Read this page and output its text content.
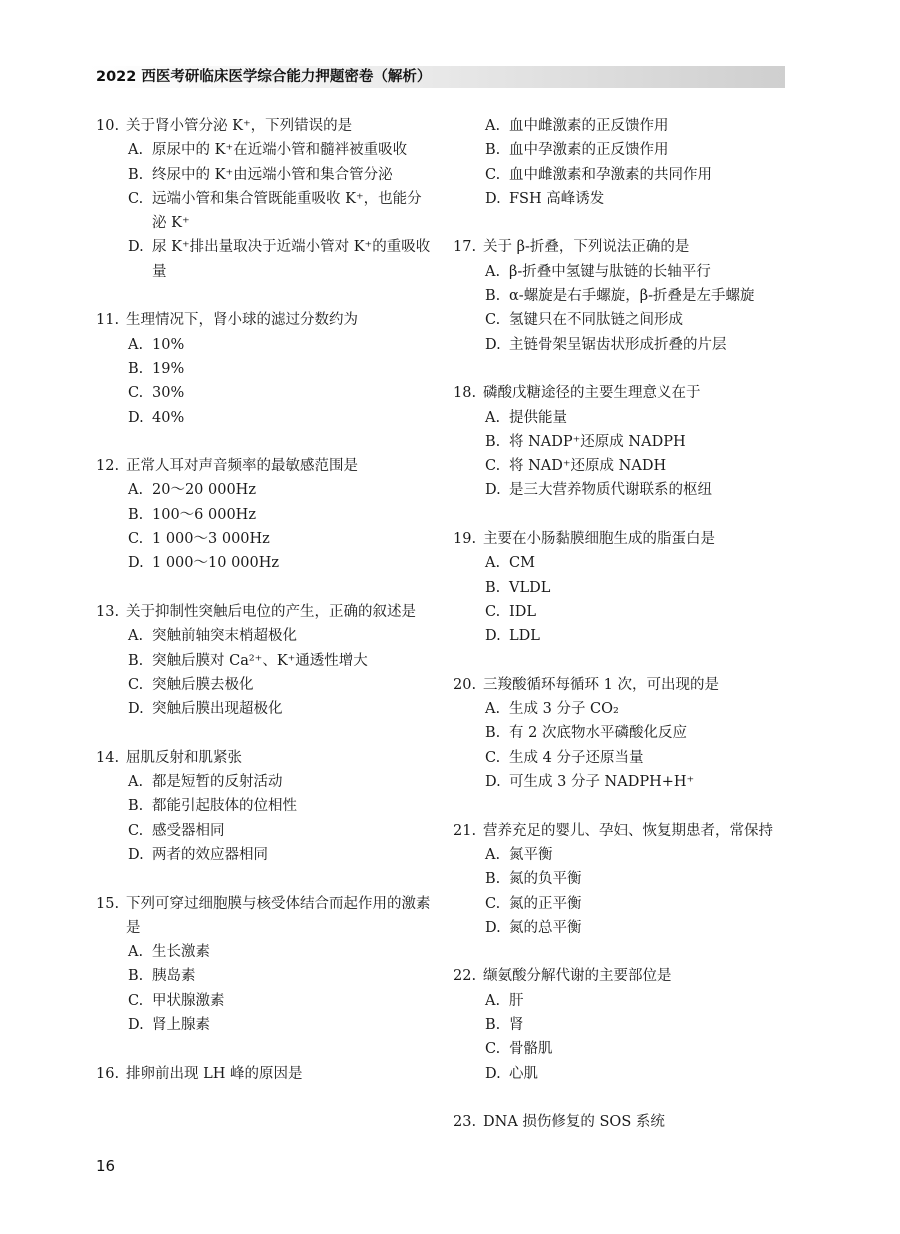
2022 西医考研临床医学综合能力押题密卷（解析）
10. 关于肾小管分泌 K⁺，下列错误的是
A. 原尿中的 K⁺在近端小管和髓袢被重吸收
B. 终尿中的 K⁺由远端小管和集合管分泌
C. 远端小管和集合管既能重吸收 K⁺，也能分泌 K⁺
D. 尿 K⁺排出量取决于近端小管对 K⁺的重吸收量
11. 生理情况下，肾小球的滤过分数约为
A. 10%
B. 19%
C. 30%
D. 40%
12. 正常人耳对声音频率的最敏感范围是
A. 20～20 000Hz
B. 100～6 000Hz
C. 1 000～3 000Hz
D. 1 000～10 000Hz
13. 关于抑制性突触后电位的产生，正确的叙述是
A. 突触前轴突末梢超极化
B. 突触后膜对 Ca²⁺、K⁺通透性增大
C. 突触后膜去极化
D. 突触后膜出现超极化
14. 屈肌反射和肌紧张
A. 都是短暂的反射活动
B. 都能引起肢体的位相性
C. 感受器相同
D. 两者的效应器相同
15. 下列可穿过细胞膜与核受体结合而起作用的激素是
A. 生长激素
B. 胰岛素
C. 甲状腺激素
D. 肾上腺素
16. 排卵前出现 LH 峰的原因是
A. 血中雌激素的正反馈作用
B. 血中孕激素的正反馈作用
C. 血中雌激素和孕激素的共同作用
D. FSH 高峰诱发
17. 关于 β-折叠，下列说法正确的是
A. β-折叠中氢键与肽链的长轴平行
B. α-螺旋是右手螺旋，β-折叠是左手螺旋
C. 氢键只在不同肽链之间形成
D. 主链骨架呈锯齿状形成折叠的片层
18. 磷酸戊糖途径的主要生理意义在于
A. 提供能量
B. 将 NADP⁺还原成 NADPH
C. 将 NAD⁺还原成 NADH
D. 是三大营养物质代谢联系的枢纽
19. 主要在小肠黏膜细胞生成的脂蛋白是
A. CM
B. VLDL
C. IDL
D. LDL
20. 三羧酸循环每循环 1 次，可出现的是
A. 生成 3 分子 CO₂
B. 有 2 次底物水平磷酸化反应
C. 生成 4 分子还原当量
D. 可生成 3 分子 NADPH+H⁺
21. 营养充足的婴儿、孕妇、恢复期患者，常保持
A. 氮平衡
B. 氮的负平衡
C. 氮的正平衡
D. 氮的总平衡
22. 缬氨酸分解代谢的主要部位是
A. 肝
B. 肾
C. 骨骼肌
D. 心肌
23. DNA 损伤修复的 SOS 系统
16
